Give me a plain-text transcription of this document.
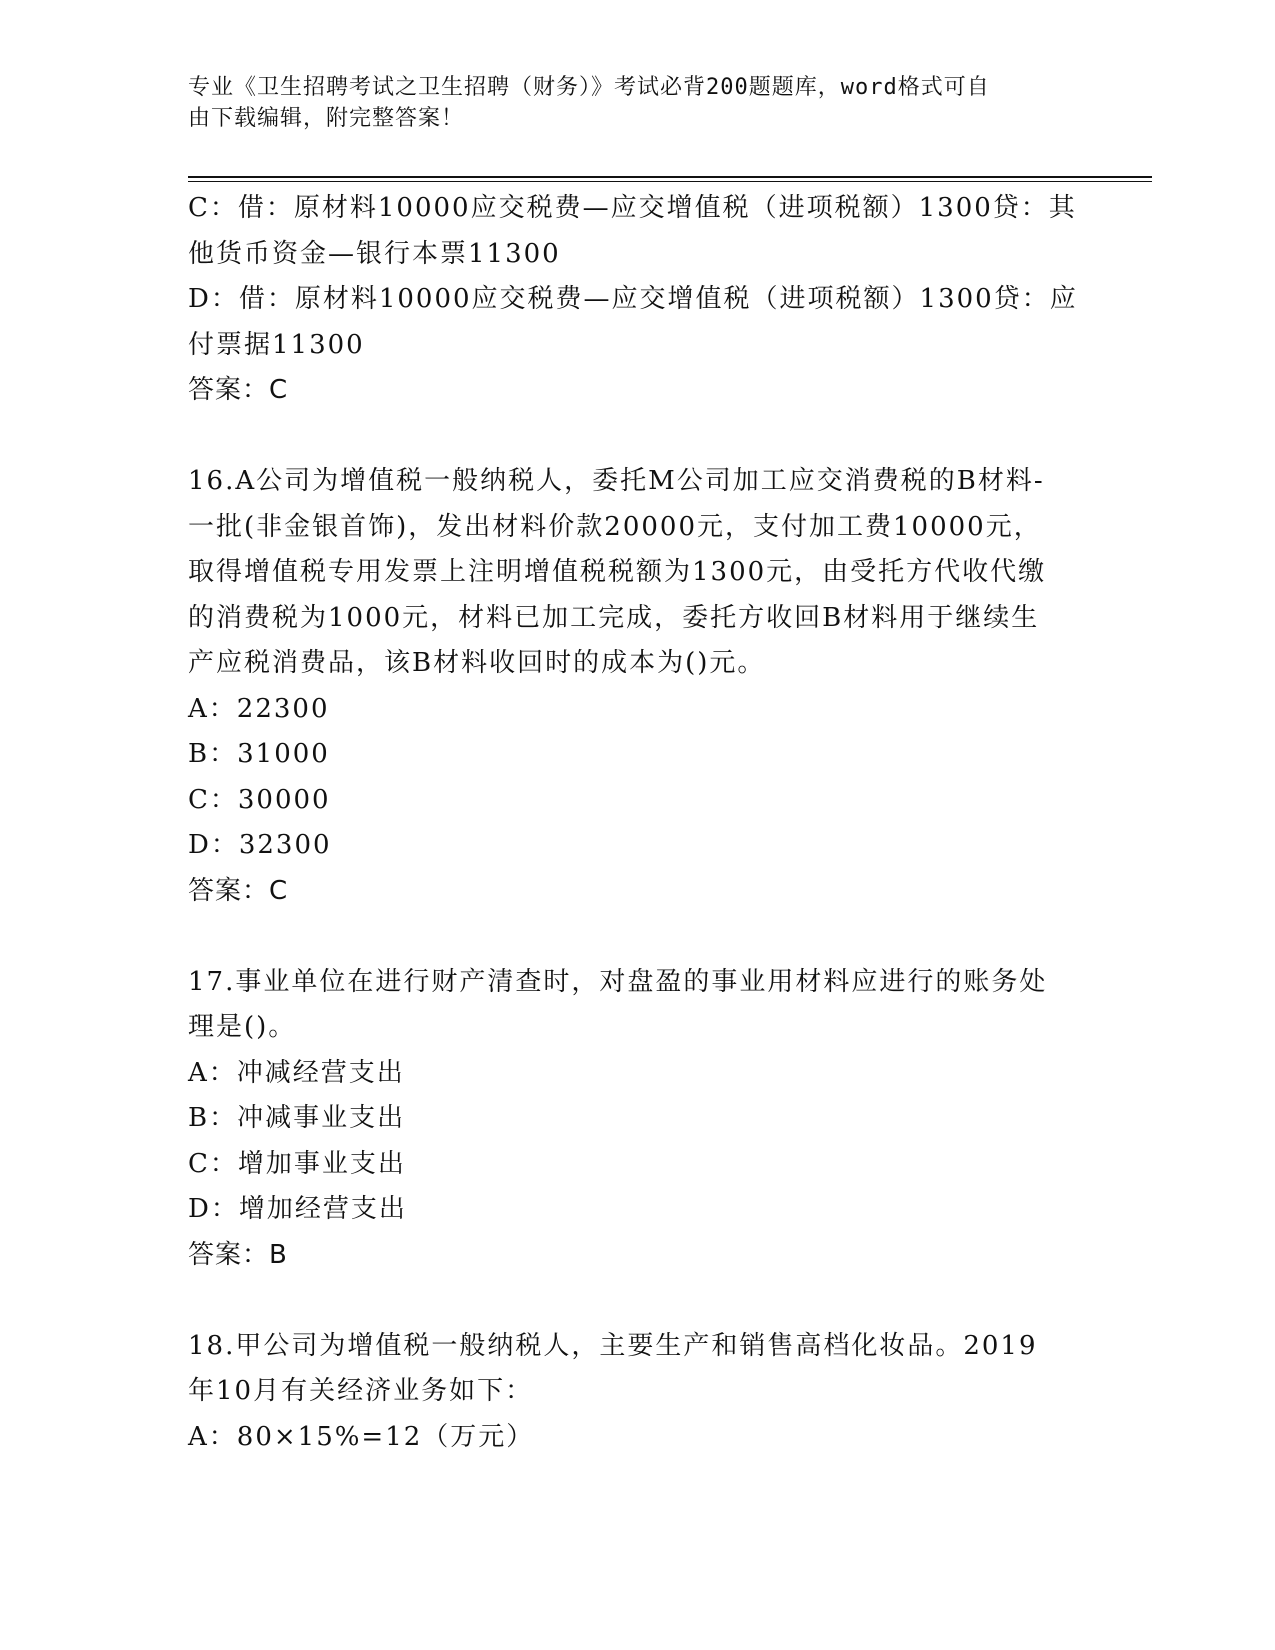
专业《卫生招聘考试之卫生招聘（财务）》考试必背200题题库，word格式可自
由下载编辑，附完整答案！
C：借：原材料10000应交税费—应交增值税（进项税额）1300贷：其
他货币资金—银行本票11300
D：借：原材料10000应交税费—应交增值税（进项税额）1300贷：应
付票据11300
答案：C
16.A公司为增值税一般纳税人，委托M公司加工应交消费税的B材料-
一批(非金银首饰)，发出材料价款20000元，支付加工费10000元，
取得增值税专用发票上注明增值税税额为1300元，由受托方代收代缴
的消费税为1000元，材料已加工完成，委托方收回B材料用于继续生
产应税消费品，该B材料收回时的成本为()元。
A：22300
B：31000
C：30000
D：32300
答案：C
17.事业单位在进行财产清查时，对盘盈的事业用材料应进行的账务处
理是()。
A：冲减经营支出
B：冲减事业支出
C：增加事业支出
D：增加经营支出
答案：B
18.甲公司为增值税一般纳税人，主要生产和销售高档化妆品。2019
年10月有关经济业务如下：
A：80×15%=12（万元）
